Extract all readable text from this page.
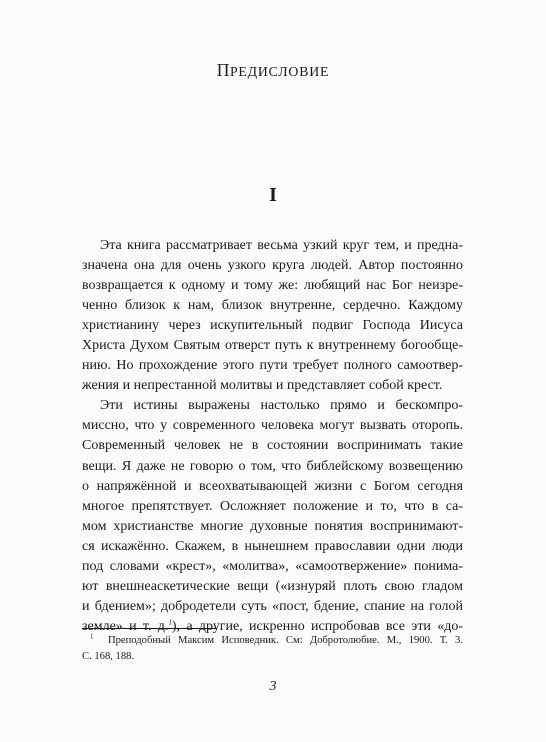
ПРЕДИСЛОВИЕ
I
Эта книга рассматривает весьма узкий круг тем, и предна-
значена она для очень узкого круга людей. Автор постоянно
возвращается к одному и тому же: любящий нас Бог неизре-
ченно близок к нам, близок внутренне, сердечно. Каждому
христианину через искупительный подвиг Господа Иисуса
Христа Духом Святым отверст путь к внутреннему богообще-
нию. Но прохождение этого пути требует полного самоотвер-
жения и непрестанной молитвы и представляет собой крест.
Эти истины выражены настолько прямо и бескомпро-
миссно, что у современного человека могут вызвать оторопь.
Современный человек не в состоянии воспринимать такие
вещи. Я даже не говорю о том, что библейскому возвещению
о напряжённой и всеохватывающей жизни с Богом сегодня
многое препятствует. Осложняет положение и то, что в са-
мом христианстве многие духовные понятия воспринимают-
ся искажённо. Скажем, в нынешнем православии одни люди
под словами «крест», «молитва», «самоотвержение» понима-
ют внешнеаскетические вещи («изнуряй плоть свою гладом
и бдением»; добродетели суть «пост, бдение, спание на голой
земле» и т. д.$^1$), а другие, искренно испробовав все эти «до-
$^1$ Преподобный Максим Исповедник. См: Добротолюбие. М., 1900. Т. 3.
С. 168, 188.
3
